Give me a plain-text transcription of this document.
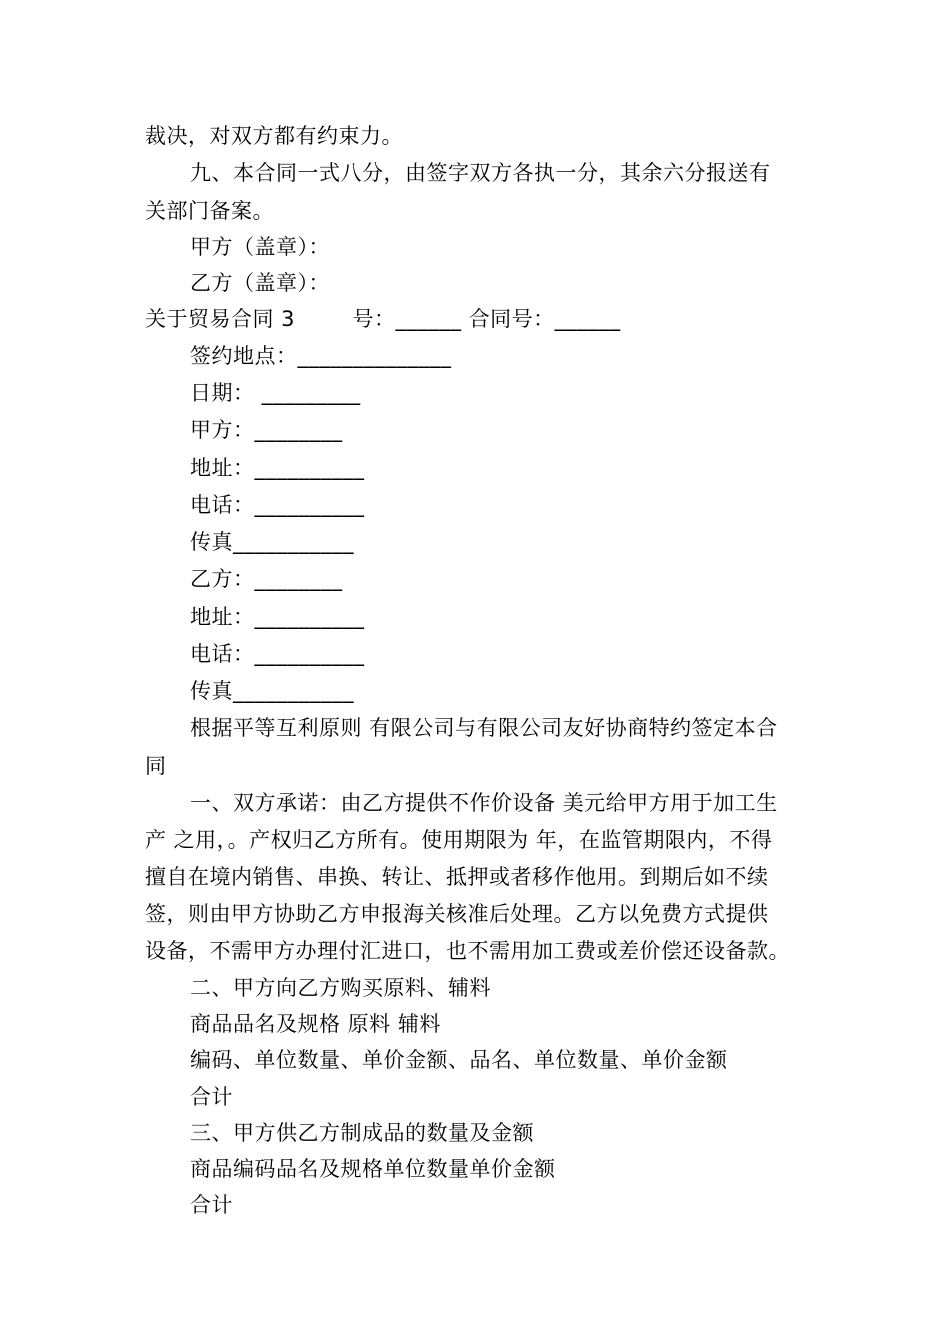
裁决，对双方都有约束力。
九、本合同一式八分，由签字双方各执一分，其余六分报送有
关部门备案。
甲方（盖章）：
乙方（盖章）：
关于贸易合同 3        号：______ 合同号：______
签约地点：______________
日期： _________
甲方：________
地址：__________
电话：__________
传真___________
乙方：________
地址：__________
电话：__________
传真___________
根据平等互利原则 有限公司与有限公司友好协商特约签定本合
同
一、双方承诺：由乙方提供不作价设备 美元给甲方用于加工生
产 之用，。产权归乙方所有。使用期限为 年，在监管期限内，不得
擅自在境内销售、串换、转让、抵押或者移作他用。到期后如不续
签，则由甲方协助乙方申报海关核准后处理。乙方以免费方式提供
设备，不需甲方办理付汇进口，也不需用加工费或差价偿还设备款。
二、甲方向乙方购买原料、辅料
商品品名及规格 原料 辅料
编码、单位数量、单价金额、品名、单位数量、单价金额
合计
三、甲方供乙方制成品的数量及金额
商品编码品名及规格单位数量单价金额
合计
